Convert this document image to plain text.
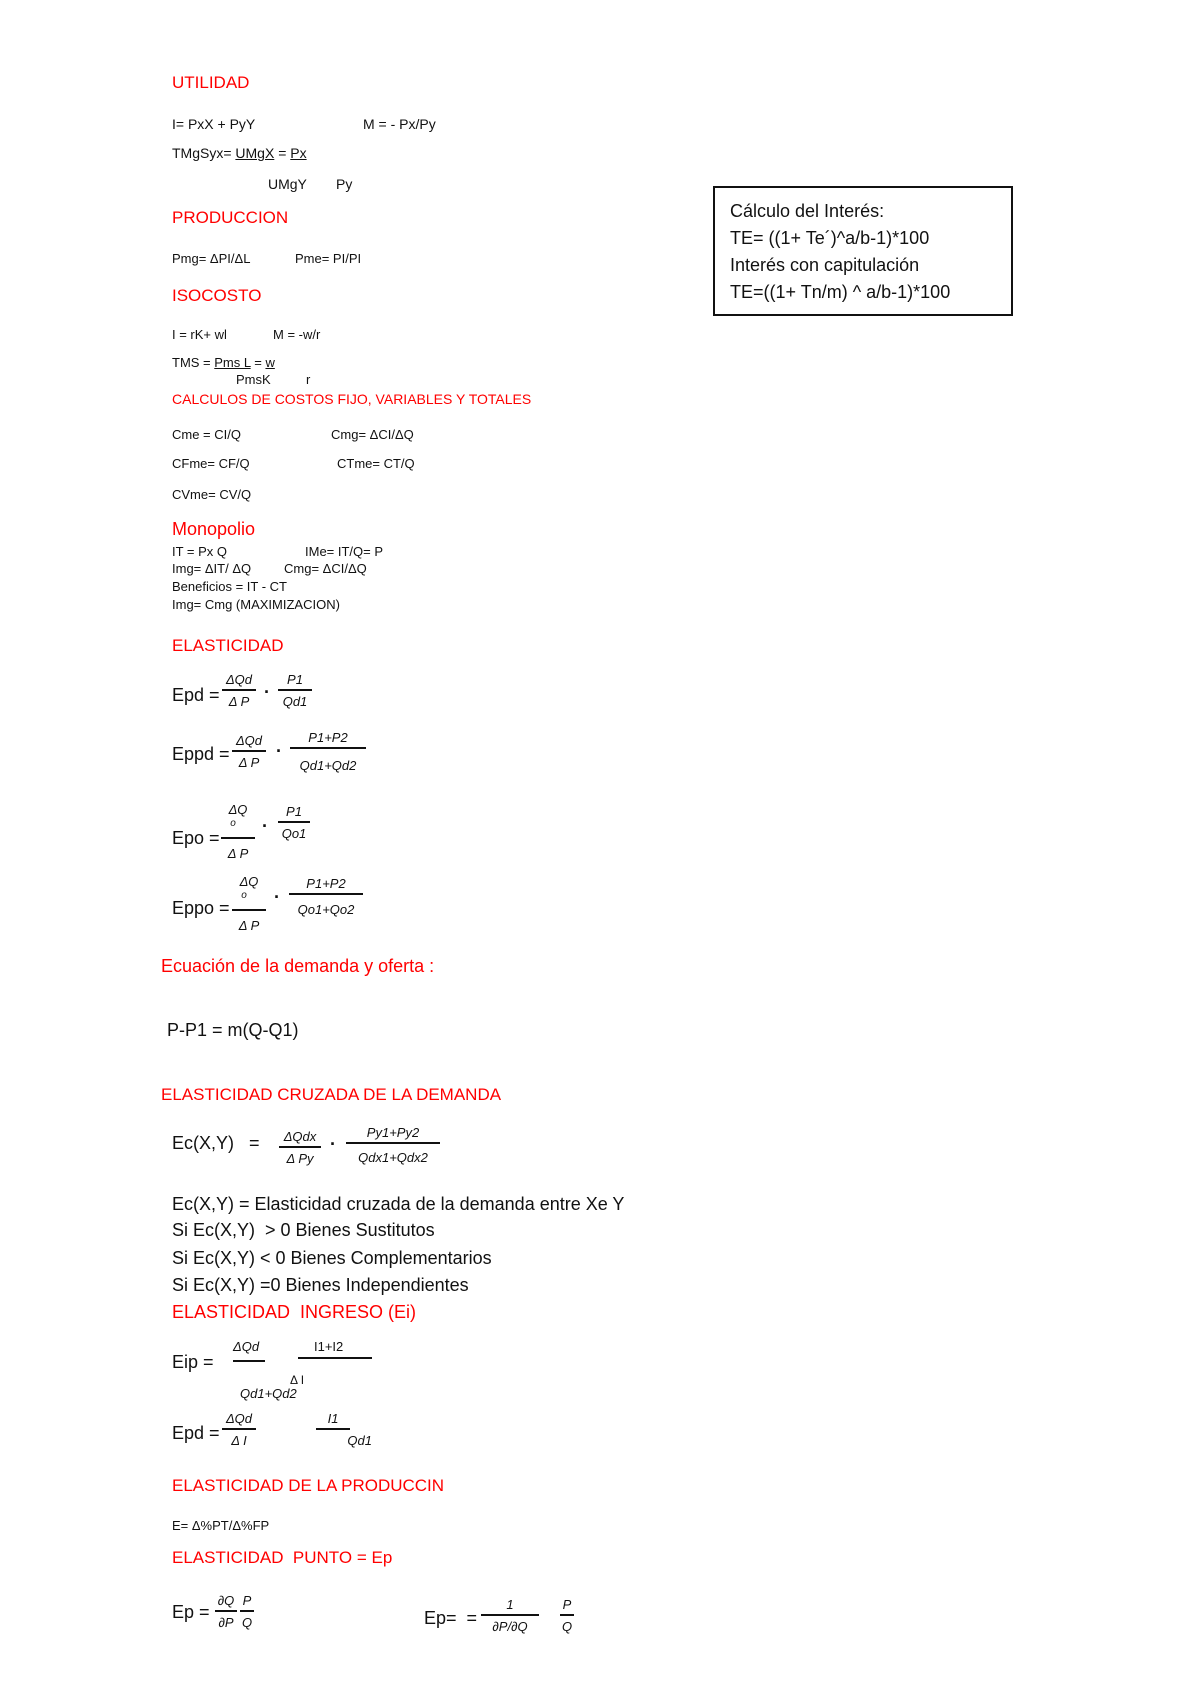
UTILIDAD
I= PxX + PyY	M = - Px/Py
TMgSyx= UMgX = Px
UMgY Py
PRODUCCION
Pmg= ΔPI/ΔL	Pme= PI/PI
ISOCOSTO
I = rK+ wl	M = -w/r
TMS = Pms L = w
PmsK	r
CALCULOS DE COSTOS FIJO, VARIABLES Y TOTALES
Cme = CI/Q	Cmg= ΔCI/ΔQ
CFme= CF/Q	CTme= CT/Q
CVme= CV/Q
Monopolio
IT = Px Q	IMe= IT/Q= P
Img= ΔIT/ ΔQ	Cmg= ΔCI/ΔQ
Beneficios = IT - CT
Img= Cmg (MAXIMIZACION)
ELASTICIDAD
Epd =
ΔQd
Δ P ·
P1
Qd1
Eppd =
ΔQd
Δ P
·
P1+P2
Qd1+Qd2
Epo =
ΔQ
o
Δ P
·
P1
Qo1
Eppo =
ΔQ
o
Δ P
·
P1+P2
Qo1+Qo2
Ecuación de la demanda y oferta :
P-P1 = m(Q-Q1)
ELASTICIDAD CRUZADA DE LA DEMANDA
Ec(X,Y)   = ΔQdx
Δ Py
·
Py1+Py2
Qdx1+Qdx2
Ec(X,Y) = Elasticidad cruzada de la demanda entre Xe Y
Si Ec(X,Y)  > 0 Bienes Sustitutos
Si Ec(X,Y) < 0 Bienes Complementarios
Si Ec(X,Y) =0 Bienes Independientes
ELASTICIDAD  INGRESO (Ei)
Eip =
ΔQd
Qd1+Qd2
I1+I2
Δ I
Epd =
ΔQd
Δ I
I1
Qd1
ELASTICIDAD DE LA PRODUCCIN
E= Δ%PT/Δ%FP
ELASTICIDAD  PUNTO = Ep
Ep =
∂Q
∂P
P
Q	Ep=  =
1
∂P/∂Q
P
Q
Cálculo del Interés:
TE= ((1+ Te´)^a/b-1)*100
Interés con capitulación
TE=((1+ Tn/m) ^ a/b-1)*100
